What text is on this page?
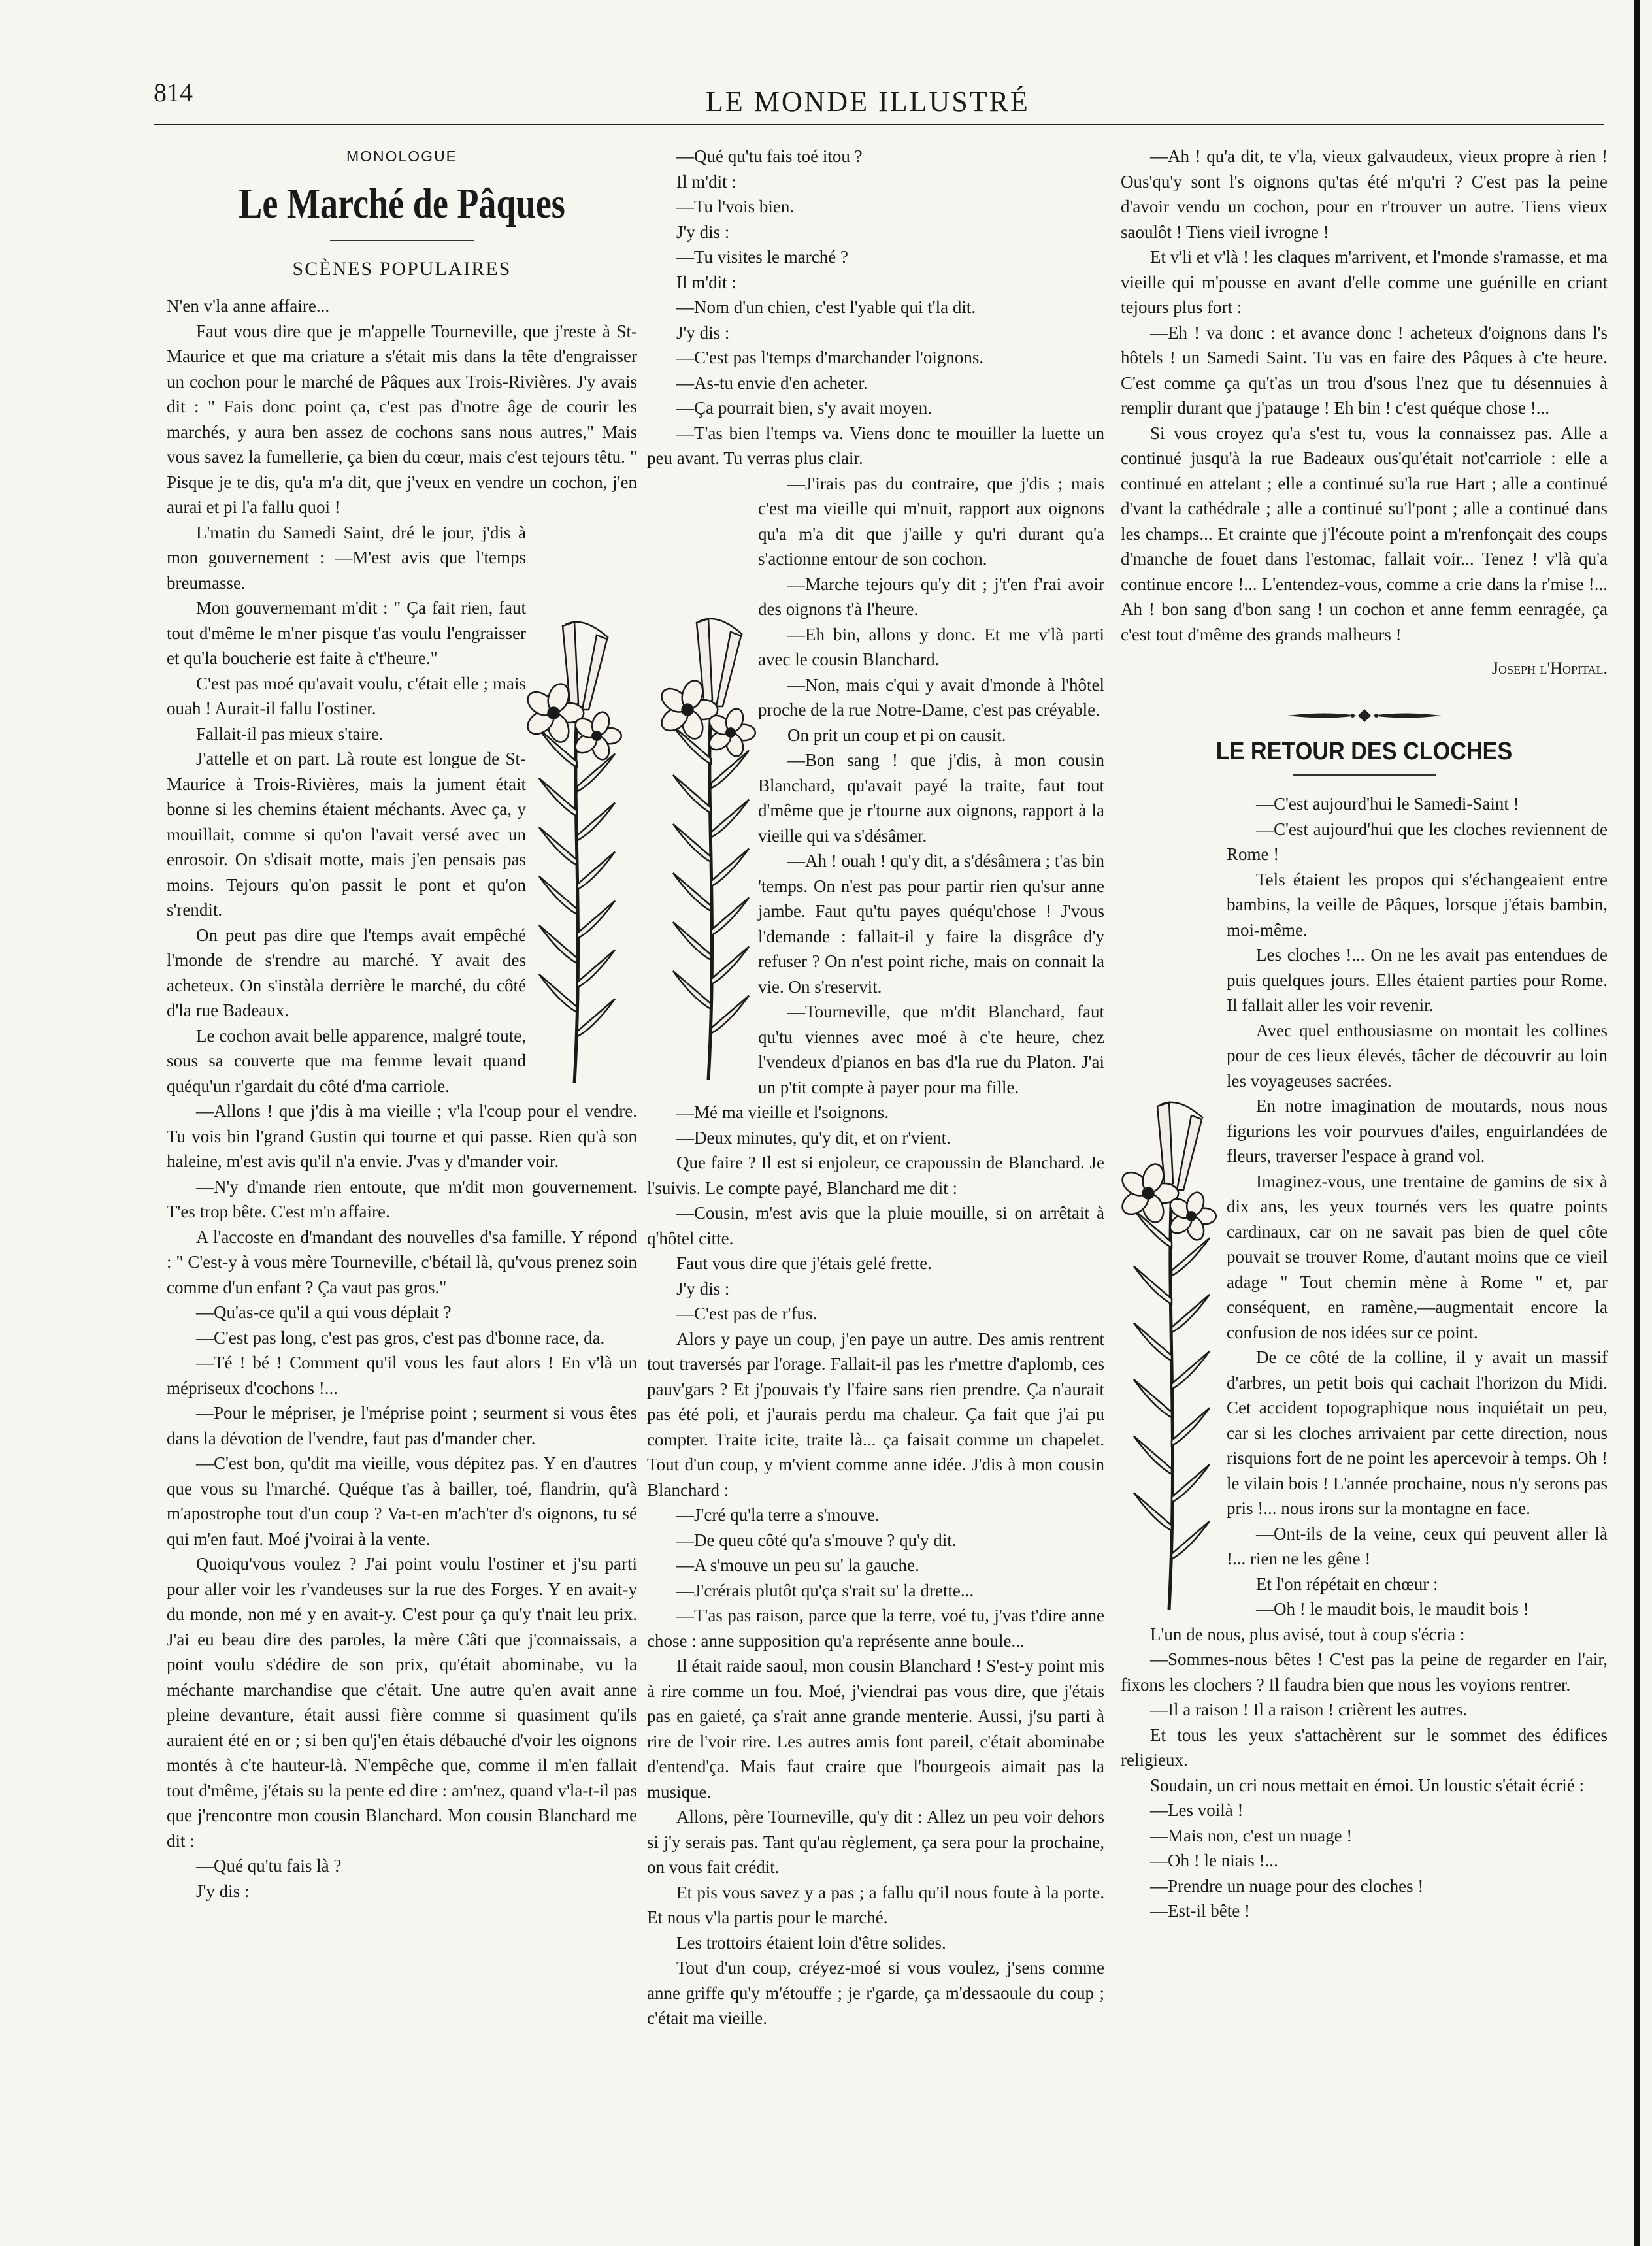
814	LE MONDE ILLUSTRÉ
MONOLOGUE
Le Marché de Pâques
SCÈNES POPULAIRES

N'en v'la anne affaire...

Faut vous dire que je m'appelle Tourneville, que j'reste à St-Maurice et que ma criature a s'était mis dans la tête d'engraisser un cochon pour le marché de Pâques aux Trois-Rivières. J'y avais dit : " Fais donc point ça, c'est pas d'notre âge de courir les marchés, y aura ben assez de cochons sans nous autres," Mais vous savez la fumellerie, ça bien du cœur, mais c'est tejours têtu. " Pisque je te dis, qu'a m'a dit, que j'veux en vendre un cochon, j'en aurai et pi l'a fallu quoi !

L'matin du Samedi Saint, dré le jour, j'dis à mon gouvernement : —M'est avis que l'temps breumasse.

Mon gouvernemant m'dit : " Ça fait rien, faut tout d'même le m'ner pisque t'as voulu l'engraisser et qu'la boucherie est faite à c't'heure."

C'est pas moé qu'avait voulu, c'était elle ; mais ouah ! Aurait-il fallu l'ostiner.

Fallait-il pas mieux s'taire.

J'attelle et on part. Là route est longue de St-Maurice à Trois-Rivières, mais la jument était bonne si les chemins étaient méchants. Avec ça, y mouillait, comme si qu'on l'avait versé avec un enrosoir. On s'disait motte, mais j'en pensais pas moins. Tejours qu'on passit le pont et qu'on s'rendit.

On peut pas dire que l'temps avait empêché l'monde de s'rendre au marché. Y avait des acheteux. On s'instàla derrière le marché, du côté d'la rue Badeaux.

Le cochon avait belle apparence, malgré toute, sous sa couverte que ma femme levait quand quéqu'un r'gardait du côté d'ma carriole.

—Allons ! que j'dis à ma vieille ; v'la l'coup pour el vendre. Tu vois bin l'grand Gustin qui tourne et qui passe. Rien qu'à son haleine, m'est avis qu'il n'a envie. J'vas y d'mander voir.

—N'y d'mande rien entoute, que m'dit mon gouvernement. T'es trop bête. C'est m'n affaire.

A l'accoste en d'mandant des nouvelles d'sa famille. Y répond : " C'est-y à vous mère Tourneville, c'bétail là, qu'vous prenez soin comme d'un enfant ? Ça vaut pas gros."

—Qu'as-ce qu'il a qui vous déplait ?

—C'est pas long, c'est pas gros, c'est pas d'bonne race, da.

—Té ! bé ! Comment qu'il vous les faut alors ! En v'là un mépriseux d'cochons !...

—Pour le mépriser, je l'méprise point ; seurment si vous êtes dans la dévotion de l'vendre, faut pas d'mander cher.

—C'est bon, qu'dit ma vieille, vous dépitez pas. Y en d'autres que vous su l'marché. Quéque t'as à bailler, toé, flandrin, qu'à m'apostrophe tout d'un coup ? Va-t-en m'ach'ter d's oignons, tu sé qui m'en faut. Moé j'voirai à la vente.

Quoiqu'vous voulez ? J'ai point voulu l'ostiner et j'su parti pour aller voir les r'vandeuses sur la rue des Forges. Y en avait-y du monde, non mé y en avait-y. C'est pour ça qu'y t'nait leu prix. J'ai eu beau dire des paroles, la mère Câti que j'connaissais, a point voulu s'dédire de son prix, qu'était abominabe, vu la méchante marchandise que c'était. Une autre qu'en avait anne pleine devanture, était aussi fière comme si quasiment qu'ils auraient été en or ; si ben qu'j'en étais débauché d'voir les oignons montés à c'te hauteur-là. N'empêche que, comme il m'en fallait tout d'même, j'étais su la pente ed dire : am'nez, quand v'la-t-il pas que j'rencontre mon cousin Blanchard. Mon cousin Blanchard me dit :

—Qué qu'tu fais là ?

J'y dis :

—Qué qu'tu fais toé itou ?

Il m'dit :

—Tu l'vois bien.

J'y dis :

—Tu visites le marché ?

Il m'dit :

—Nom d'un chien, c'est l'yable qui t'la dit.

J'y dis :

—C'est pas l'temps d'marchander l'oignons.

—As-tu envie d'en acheter.

—Ça pourrait bien, s'y avait moyen.

—T'as bien l'temps va. Viens donc te mouiller la luette un peu avant. Tu verras plus clair.

—J'irais pas du contraire, que j'dis ; mais c'est ma vieille qui m'nuit, rapport aux oignons qu'a m'a dit que j'aille y qu'ri durant qu'a s'actionne entour de son cochon.

—Marche tejours qu'y dit ; j't'en f'rai avoir des oignons t'à l'heure.

—Eh bin, allons y donc. Et me v'là parti avec le cousin Blanchard.

—Non, mais c'qui y avait d'monde à l'hôtel proche de la rue Notre-Dame, c'est pas créyable.

On prit un coup et pi on causit.

—Bon sang ! que j'dis, à mon cousin Blanchard, qu'avait payé la traite, faut tout d'même que je r'tourne aux oignons, rapport à la vieille qui va s'désâmer.

—Ah ! ouah ! qu'y dit, a s'désâmera ; t'as bin 'temps. On n'est pas pour partir rien qu'sur anne jambe. Faut qu'tu payes quéqu'chose ! J'vous l'demande : fallait-il y faire la disgrâce d'y refuser ? On n'est point riche, mais on connait la vie. On s'reservit.

—Tourneville, que m'dit Blanchard, faut qu'tu viennes avec moé à c'te heure, chez l'vendeux d'pianos en bas d'la rue du Platon. J'ai un p'tit compte à payer pour ma fille.

—Mé ma vieille et l'soignons.

—Deux minutes, qu'y dit, et on r'vient.

Que faire ? Il est si enjoleur, ce crapoussin de Blanchard. Je l'suivis. Le compte payé, Blanchard me dit :

—Cousin, m'est avis que la pluie mouille, si on arrêtait à q'hôtel citte.

Faut vous dire que j'étais gelé frette.

J'y dis :

—C'est pas de r'fus.

Alors y paye un coup, j'en paye un autre. Des amis rentrent tout traversés par l'orage. Fallait-il pas les r'mettre d'aplomb, ces pauv'gars ? Et j'pouvais t'y l'faire sans rien prendre. Ça n'aurait pas été poli, et j'aurais perdu ma chaleur. Ça fait que j'ai pu compter. Traite icite, traite là... ça faisait comme un chapelet. Tout d'un coup, y m'vient comme anne idée. J'dis à mon cousin Blanchard :

—J'cré qu'la terre a s'mouve.

—De queu côté qu'a s'mouve ? qu'y dit.

—A s'mouve un peu su' la gauche.

—J'crérais plutôt qu'ça s'rait su' la drette...

—T'as pas raison, parce que la terre, voé tu, j'vas t'dire anne chose : anne supposition qu'a représente anne boule...

Il était raide saoul, mon cousin Blanchard ! S'est-y point mis à rire comme un fou. Moé, j'viendrai pas vous dire, que j'étais pas en gaieté, ça s'rait anne grande menterie. Aussi, j'su parti à rire de l'voir rire. Les autres amis font pareil, c'était abominabe d'entend'ça. Mais faut craire que l'bourgeois aimait pas la musique.

Allons, père Tourneville, qu'y dit : Allez un peu voir dehors si j'y serais pas. Tant qu'au règlement, ça sera pour la prochaine, on vous fait crédit.

Et pis vous savez y a pas ; a fallu qu'il nous foute à la porte. Et nous v'la partis pour le marché.

Les trottoirs étaient loin d'être solides.

Tout d'un coup, créyez-moé si vous voulez, j'sens comme anne griffe qu'y m'étouffe ; je r'garde, ça m'dessaoule du coup ; c'était ma vieille.

—Ah ! qu'a dit, te v'la, vieux galvaudeux, vieux propre à rien ! Ous'qu'y sont l's oignons qu'tas été m'qu'ri ? C'est pas la peine d'avoir vendu un cochon, pour en r'trouver un autre. Tiens vieux saoulôt ! Tiens vieil ivrogne !

Et v'li et v'là ! les claques m'arrivent, et l'monde s'ramasse, et ma vieille qui m'pousse en avant d'elle comme une guénille en criant tejours plus fort :

—Eh ! va donc : et avance donc ! acheteux d'oignons dans l's hôtels ! un Samedi Saint. Tu vas en faire des Pâques à c'te heure. C'est comme ça qu't'as un trou d'sous l'nez que tu désennuies à remplir durant que j'patauge ! Eh bin ! c'est quéque chose !...

Si vous croyez qu'a s'est tu, vous la connaissez pas. Alle a continué jusqu'à la rue Badeaux ous'qu'était not'carriole : elle a continué en attelant ; elle a continué su'la rue Hart ; alle a continué d'vant la cathédrale ; alle a continué su'l'pont ; alle a continué dans les champs... Et crainte que j'l'écoute point a m'renfonçait des coups d'manche de fouet dans l'estomac, fallait voir... Tenez ! v'là qu'a continue encore !... L'entendez-vous, comme a crie dans la r'mise !... Ah ! bon sang d'bon sang ! un cochon et anne femm eenragée, ça c'est tout d'même des grands malheurs !

Joseph l'Hopital.
LE RETOUR DES CLOCHES

—C'est aujourd'hui le Samedi-Saint !

—C'est aujourd'hui que les cloches reviennent de Rome !

Tels étaient les propos qui s'échangeaient entre bambins, la veille de Pâques, lorsque j'étais bambin, moi-même.

Les cloches !... On ne les avait pas entendues de puis quelques jours. Elles étaient parties pour Rome. Il fallait aller les voir revenir.

Avec quel enthousiasme on montait les collines pour de ces lieux élevés, tâcher de découvrir au loin les voyageuses sacrées.

En notre imagination de moutards, nous nous figurions les voir pourvues d'ailes, enguirlandées de fleurs, traverser l'espace à grand vol.

Imaginez-vous, une trentaine de gamins de six à dix ans, les yeux tournés vers les quatre points cardinaux, car on ne savait pas bien de quel côte pouvait se trouver Rome, d'autant moins que ce vieil adage " Tout chemin mène à Rome " et, par conséquent, en ramène,—augmentait encore la confusion de nos idées sur ce point.

De ce côté de la colline, il y avait un massif d'arbres, un petit bois qui cachait l'horizon du Midi. Cet accident topographique nous inquiétait un peu, car si les cloches arrivaient par cette direction, nous risquions fort de ne point les apercevoir à temps. Oh ! le vilain bois ! L'année prochaine, nous n'y serons pas pris !... nous irons sur la montagne en face.

—Ont-ils de la veine, ceux qui peuvent aller là !... rien ne les gêne !

Et l'on répétait en chœur :

—Oh ! le maudit bois, le maudit bois !

L'un de nous, plus avisé, tout à coup s'écria :

—Sommes-nous bêtes ! C'est pas la peine de regarder en l'air, fixons les clochers ? Il faudra bien que nous les voyions rentrer.

—Il a raison ! Il a raison ! crièrent les autres.

Et tous les yeux s'attachèrent sur le sommet des édifices religieux.

Soudain, un cri nous mettait en émoi. Un loustic s'était écrié :

—Les voilà !

—Mais non, c'est un nuage !

—Oh ! le niais !...

—Prendre un nuage pour des cloches !

—Est-il bête !
